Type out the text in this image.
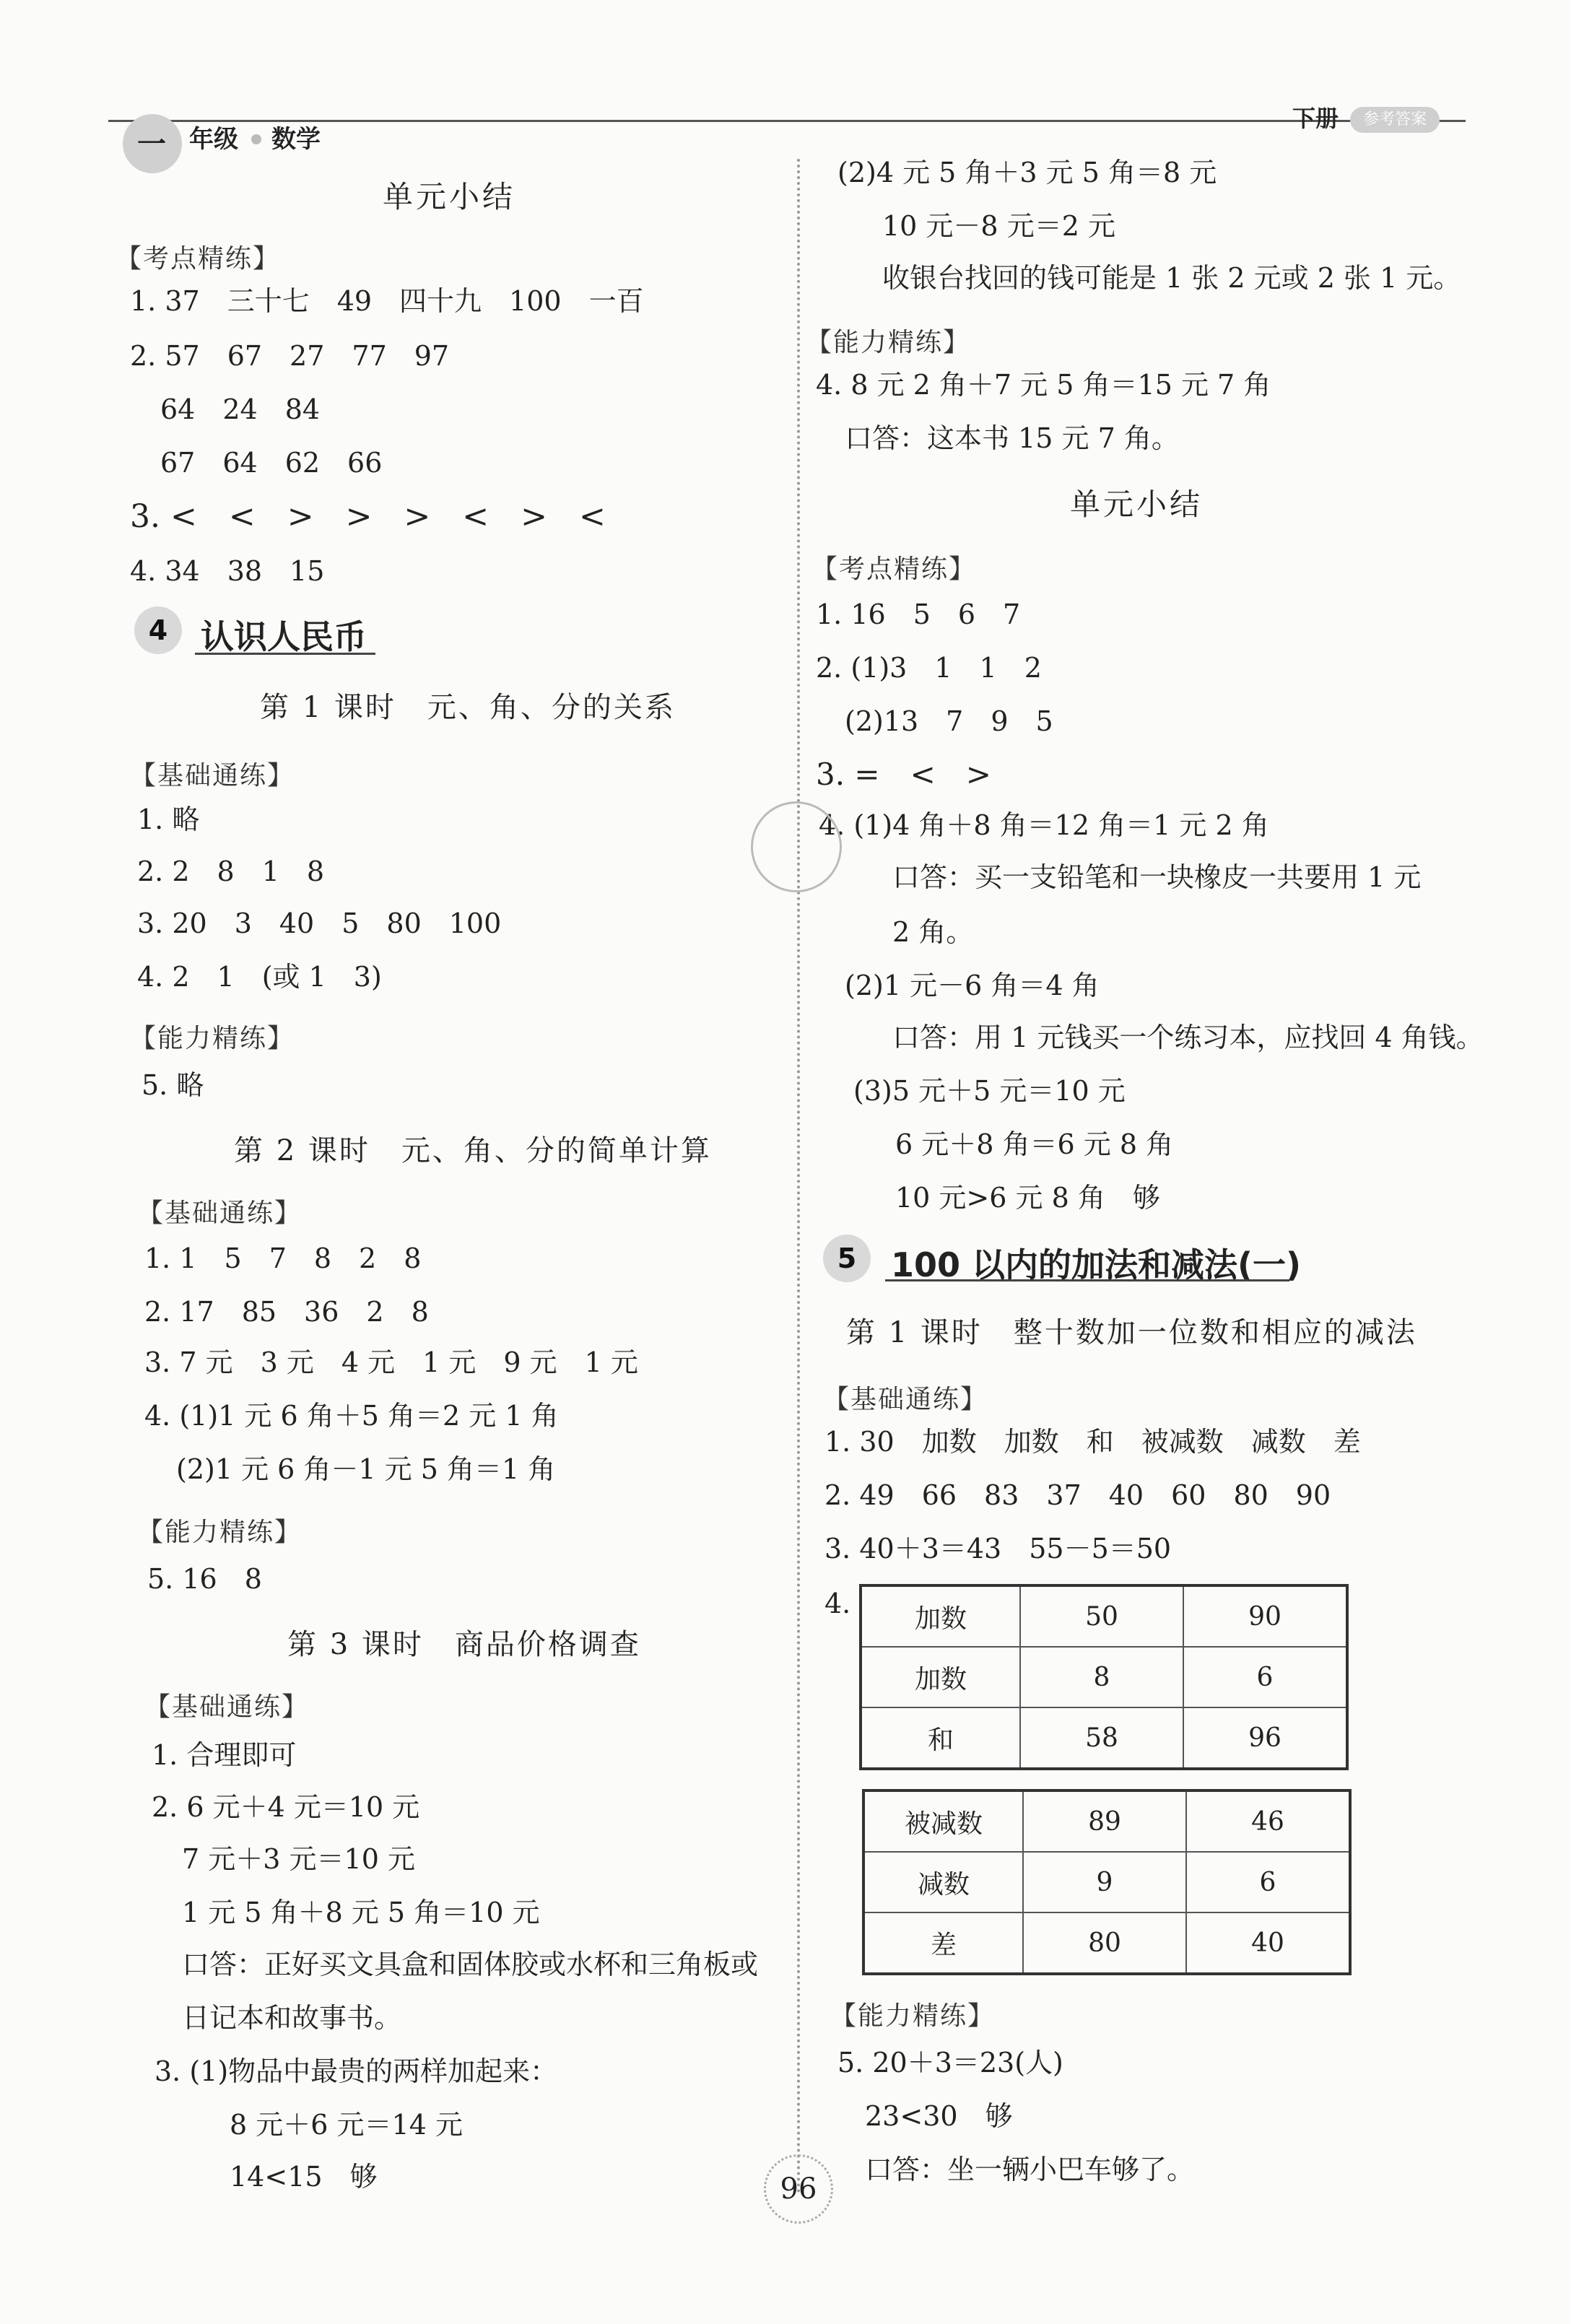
一 年级 数学
下册	参考答案
单元小结
【考点精练】
1. 37　三十七　49　四十九　100　一百
2. 57　67　27　77　97
64　24　84
67　64　62　66
3. <　<　>　>　>　<　>　<
4. 34　38　15
4 认识人民币
第 1 课时　元、角、分的关系
【基础通练】
1. 略
2. 2　8　1　8
3. 20　3　40　5　80　100
4. 2　1　(或 1　3)
【能力精练】
5. 略
第 2 课时　元、角、分的简单计算
【基础通练】
1. 1　5　7　8　2　8
2. 17　85　36　2　8
3. 7 元　3 元　4 元　1 元　9 元　1 元
4. (1)1 元 6 角＋5 角＝2 元 1 角
(2)1 元 6 角－1 元 5 角＝1 角
【能力精练】
5. 16　8
第 3 课时　商品价格调查
【基础通练】
1. 合理即可
2. 6 元＋4 元＝10 元
7 元＋3 元＝10 元
1 元 5 角＋8 元 5 角＝10 元
口答：正好买文具盒和固体胶或水杯和三角板或
日记本和故事书。
3. (1)物品中最贵的两样加起来：
8 元＋6 元＝14 元
14<15　够
(2)4 元 5 角＋3 元 5 角＝8 元
10 元－8 元＝2 元
收银台找回的钱可能是 1 张 2 元或 2 张 1 元。
【能力精练】
4. 8 元 2 角＋7 元 5 角＝15 元 7 角
口答：这本书 15 元 7 角。
单元小结
【考点精练】
1. 16　5　6　7
2. (1)3　1　1　2
(2)13　7　9　5
3. =　<　>
4. (1)4 角＋8 角＝12 角＝1 元 2 角
口答：买一支铅笔和一块橡皮一共要用 1 元
2 角。
(2)1 元－6 角＝4 角
口答：用 1 元钱买一个练习本，应找回 4 角钱。
(3)5 元＋5 元＝10 元
6 元＋8 角＝6 元 8 角
10 元>6 元 8 角　够
5	100 以内的加法和减法(一)
第 1 课时　整十数加一位数和相应的减法
【基础通练】
1. 30　加数　加数　和　被减数　减数　差
2. 49　66　83　37　40　60　80　90
3. 40＋3＝43　55－5＝50
4. 加数	50	90
加数	8	6
和	58	96
被减数	89	46
减数	9	6
差	80	40
【能力精练】
5. 20＋3＝23(人)
23<30　够
口答：坐一辆小巴车够了。
96
